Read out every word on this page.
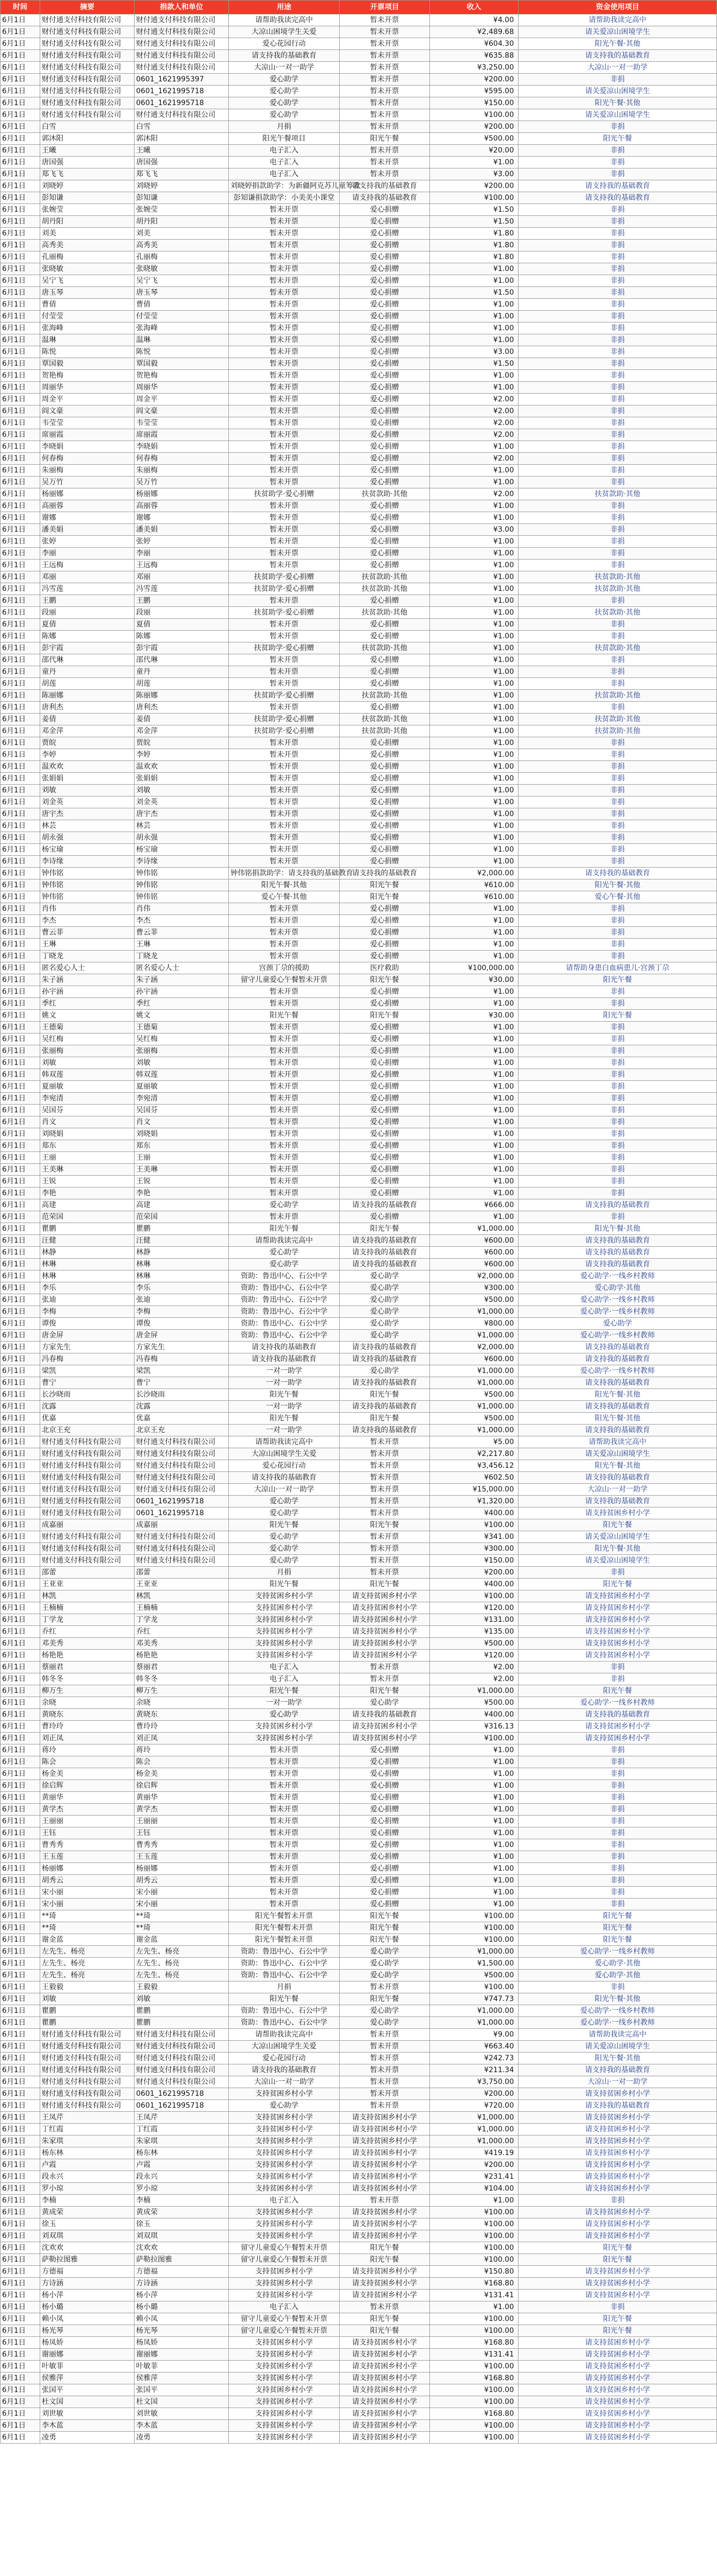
时间	摘要	捐款人和单位	用途	开票项目	收入	资金使用项目
6月1日	财付通支付科技有限公司	财付通支付科技有限公司	请帮助我读完高中	暂未开票	¥4.00	请帮助我读完高中
6月1日	财付通支付科技有限公司	财付通支付科技有限公司	大凉山困境学生关爱	暂未开票	¥2,489.68	请关爱凉山困境学生
6月1日	财付通支付科技有限公司	财付通支付科技有限公司	爱心花园行动	暂未开票	¥604.30	阳光午餐·其他
6月1日	财付通支付科技有限公司	财付通支付科技有限公司	请支持我的基础教育	暂未开票	¥635.88	请支持我的基础教育
6月1日	财付通支付科技有限公司	财付通支付科技有限公司	大凉山·一对一助学	暂未开票	¥3,250.00	大凉山·一对一助学
6月1日	财付通支付科技有限公司	0601_1621995397	爱心助学	暂未开票	¥200.00	非捐
6月1日	财付通支付科技有限公司	0601_1621995718	爱心助学	暂未开票	¥595.00	请关爱凉山困境学生
6月1日	财付通支付科技有限公司	0601_1621995718	爱心助学	暂未开票	¥150.00	阳光午餐·其他
6月1日	财付通支付科技有限公司	财付通支付科技有限公司	爱心助学	暂未开票	¥100.00	请关爱凉山困境学生
6月1日	白雪	白雪	月捐	暂未开票	¥200.00	非捐
6月1日	郭沐阳	郭沐阳	阳光午餐项目	阳光午餐	¥500.00	阳光午餐
6月1日	王曦	王曦	电子汇入	暂未开票	¥20.00	非捐
6月1日	唐国强	唐国强	电子汇入	暂未开票	¥1.00	非捐
6月1日	郑飞飞	郑飞飞	电子汇入	暂未开票	¥3.00	非捐
6月1日	刘晓婷	刘晓婷	刘晓婷捐款助学：为新疆阿克苏儿童筹款	请支持我的基础教育	¥200.00	请支持我的基础教育
6月1日	彭知谦	彭知谦	彭知谦捐款助学：小美美小课堂	请支持我的基础教育	¥100.00	请支持我的基础教育
6月1日	张婉莹	张婉莹	暂未开票	爱心捐赠	¥1.50	非捐
6月1日	胡丹阳	胡丹阳	暂未开票	爱心捐赠	¥1.50	非捐
6月1日	刘美	刘美	暂未开票	爱心捐赠	¥1.80	非捐
6月1日	高秀美	高秀美	暂未开票	爱心捐赠	¥1.80	非捐
6月1日	孔丽梅	孔丽梅	暂未开票	爱心捐赠	¥1.80	非捐
6月1日	张晓敏	张晓敏	暂未开票	爱心捐赠	¥1.00	非捐
6月1日	吴宁飞	吴宁飞	暂未开票	爱心捐赠	¥1.00	非捐
6月1日	唐玉琴	唐玉琴	暂未开票	爱心捐赠	¥1.50	非捐
6月1日	曹倩	曹倩	暂未开票	爱心捐赠	¥1.00	非捐
6月1日	付莹莹	付莹莹	暂未开票	爱心捐赠	¥1.00	非捐
6月1日	张海峰	张海峰	暂未开票	爱心捐赠	¥1.00	非捐
6月1日	温琳	温琳	暂未开票	爱心捐赠	¥1.00	非捐
6月1日	陈悦	陈悦	暂未开票	爱心捐赠	¥3.00	非捐
6月1日	覃国毅	覃国毅	暂未开票	爱心捐赠	¥1.50	非捐
6月1日	贺艳梅	贺艳梅	暂未开票	爱心捐赠	¥1.00	非捐
6月1日	周丽华	周丽华	暂未开票	爱心捐赠	¥1.00	非捐
6月1日	周金平	周金平	暂未开票	爱心捐赠	¥2.00	非捐
6月1日	阎文豪	阎文豪	暂未开票	爱心捐赠	¥2.00	非捐
6月1日	韦莹莹	韦莹莹	暂未开票	爱心捐赠	¥2.00	非捐
6月1日	席丽霞	席丽霞	暂未开票	爱心捐赠	¥2.00	非捐
6月1日	李晓娟	李晓娟	暂未开票	爱心捐赠	¥1.00	非捐
6月1日	何春梅	何春梅	暂未开票	爱心捐赠	¥2.00	非捐
6月1日	朱丽梅	朱丽梅	暂未开票	爱心捐赠	¥1.00	非捐
6月1日	吴万竹	吴万竹	暂未开票	爱心捐赠	¥1.00	非捐
6月1日	杨丽娜	杨丽娜	扶贫助学·爱心捐赠	扶贫款助·其他	¥2.00	扶贫款助·其他
6月1日	高丽蓉	高丽蓉	暂未开票	爱心捐赠	¥1.00	非捐
6月1日	谢娜	谢娜	暂未开票	爱心捐赠	¥1.00	非捐
6月1日	潘美娟	潘美娟	暂未开票	爱心捐赠	¥3.00	非捐
6月1日	张婷	张婷	暂未开票	爱心捐赠	¥1.00	非捐
6月1日	李丽	李丽	暂未开票	爱心捐赠	¥1.00	非捐
6月1日	王远梅	王远梅	暂未开票	爱心捐赠	¥1.00	非捐
6月1日	邓丽	邓丽	扶贫助学·爱心捐赠	扶贫款助·其他	¥1.00	扶贫款助·其他
6月1日	冯雪莲	冯雪莲	扶贫助学·爱心捐赠	扶贫款助·其他	¥1.00	扶贫款助·其他
6月1日	王鹏	王鹏	暂未开票	爱心捐赠	¥1.00	非捐
6月1日	段丽	段丽	扶贫助学·爱心捐赠	扶贫款助·其他	¥1.00	扶贫款助·其他
6月1日	夏倩	夏倩	暂未开票	爱心捐赠	¥1.00	非捐
6月1日	陈娜	陈娜	暂未开票	爱心捐赠	¥1.00	非捐
6月1日	彭宇霞	彭宇霞	扶贫助学·爱心捐赠	扶贫款助·其他	¥1.00	扶贫款助·其他
6月1日	邵代琳	邵代琳	暂未开票	爱心捐赠	¥1.00	非捐
6月1日	童丹	童丹	暂未开票	爱心捐赠	¥1.00	非捐
6月1日	胡莲	胡莲	暂未开票	爱心捐赠	¥1.00	非捐
6月1日	陈丽娜	陈丽娜	扶贫助学·爱心捐赠	扶贫款助·其他	¥1.00	扶贫款助·其他
6月1日	唐利杰	唐利杰	暂未开票	爱心捐赠	¥1.00	非捐
6月1日	姜倩	姜倩	扶贫助学·爱心捐赠	扶贫款助·其他	¥1.00	扶贫款助·其他
6月1日	邓金萍	邓金萍	扶贫助学·爱心捐赠	扶贫款助·其他	¥1.00	扶贫款助·其他
6月1日	贾皖	贾皖	暂未开票	爱心捐赠	¥1.00	非捐
6月1日	李婷	李婷	暂未开票	爱心捐赠	¥1.00	非捐
6月1日	温欢欢	温欢欢	暂未开票	爱心捐赠	¥1.00	非捐
6月1日	张娟娟	张娟娟	暂未开票	爱心捐赠	¥1.00	非捐
6月1日	刘敏	刘敏	暂未开票	爱心捐赠	¥1.00	非捐
6月1日	刘金英	刘金英	暂未开票	爱心捐赠	¥1.00	非捐
6月1日	唐宇杰	唐宇杰	暂未开票	爱心捐赠	¥1.00	非捐
6月1日	林芸	林芸	暂未开票	爱心捐赠	¥1.00	非捐
6月1日	胡永强	胡永强	暂未开票	爱心捐赠	¥1.00	非捐
6月1日	杨宝瑜	杨宝瑜	暂未开票	爱心捐赠	¥1.00	非捐
6月1日	李诗缘	李诗缘	暂未开票	爱心捐赠	¥1.00	非捐
6月1日	钟伟铭	钟伟铭	钟伟铭捐款助学：请支持我的基础教育	请支持我的基础教育	¥2,000.00	请支持我的基础教育
6月1日	钟伟铭	钟伟铭	阳光午餐·其他	阳光午餐	¥610.00	阳光午餐·其他
6月1日	钟伟铭	钟伟铭	爱心午餐·其他	阳光午餐	¥610.00	爱心午餐·其他
6月1日	肖伟	肖伟	暂未开票	爱心捐赠	¥1.00	非捐
6月1日	李杰	李杰	暂未开票	爱心捐赠	¥1.00	非捐
6月1日	曹云菲	曹云菲	暂未开票	爱心捐赠	¥1.00	非捐
6月1日	王琳	王琳	暂未开票	爱心捐赠	¥1.00	非捐
6月1日	丁晓龙	丁晓龙	暂未开票	爱心捐赠	¥1.00	非捐
6月1日	匿名爱心人士	匿名爱心人士	宫颈丁尕的援助	医疗救助	¥100,000.00	请帮助身患白血病患儿·宫颈丁尕
6月1日	朱子涵	朱子涵	留守儿童爱心午餐暂未开票	阳光午餐	¥30.00	阳光午餐
6月1日	孙宇涵	孙宇涵	暂未开票	爱心捐赠	¥1.00	非捐
6月1日	季红	季红	暂未开票	爱心捐赠	¥1.00	非捐
6月1日	姚文	姚文	阳光午餐	阳光午餐	¥30.00	阳光午餐
6月1日	王德菊	王德菊	暂未开票	爱心捐赠	¥1.00	非捐
6月1日	吴红梅	吴红梅	暂未开票	爱心捐赠	¥1.00	非捐
6月1日	张丽梅	张丽梅	暂未开票	爱心捐赠	¥1.00	非捐
6月1日	刘敏	刘敏	暂未开票	爱心捐赠	¥1.00	非捐
6月1日	韩双莲	韩双莲	暂未开票	爱心捐赠	¥1.00	非捐
6月1日	夏丽敏	夏丽敏	暂未开票	爱心捐赠	¥1.00	非捐
6月1日	李宛清	李宛清	暂未开票	爱心捐赠	¥1.00	非捐
6月1日	吴国芬	吴国芬	暂未开票	爱心捐赠	¥1.00	非捐
6月1日	肖文	肖文	暂未开票	爱心捐赠	¥1.00	非捐
6月1日	刘晓娟	刘晓娟	暂未开票	爱心捐赠	¥1.00	非捐
6月1日	郑东	郑东	暂未开票	爱心捐赠	¥1.00	非捐
6月1日	王丽	王丽	暂未开票	爱心捐赠	¥1.00	非捐
6月1日	王美琳	王美琳	暂未开票	爱心捐赠	¥1.00	非捐
6月1日	王锐	王锐	暂未开票	爱心捐赠	¥1.00	非捐
6月1日	李艳	李艳	暂未开票	爱心捐赠	¥1.00	非捐
6月1日	高建	高建	爱心助学	请支持我的基础教育	¥666.00	请支持我的基础教育
6月1日	范荣国	范荣国	暂未开票	爱心捐赠	¥1.00	非捐
6月1日	瞿鹏	瞿鹏	阳光午餐	阳光午餐	¥1,000.00	阳光午餐·其他
6月1日	汪健	汪健	请帮助我读完高中	请支持我的基础教育	¥600.00	请支持我的基础教育
6月1日	林静	林静	爱心助学	请支持我的基础教育	¥600.00	请支持我的基础教育
6月1日	林琳	林琳	爱心助学	请支持我的基础教育	¥600.00	请支持我的基础教育
6月1日	林琳	林琳	资助：鲁迅中心、石公中学	爱心助学	¥2,000.00	爱心助学·一线乡村教师
6月1日	李乐	李乐	资助：鲁迅中心、石公中学	爱心助学	¥300.00	爱心助学·其他
6月1日	张迪	张迪	资助：鲁迅中心、石公中学	爱心助学	¥500.00	爱心助学·一线乡村教师
6月1日	李梅	李梅	资助：鲁迅中心、石公中学	爱心助学	¥1,000.00	爱心助学·一线乡村教师
6月1日	谭俊	谭俊	资助：鲁迅中心、石公中学	爱心助学	¥800.00	爱心助学
6月1日	唐金屏	唐金屏	资助：鲁迅中心、石公中学	爱心助学	¥1,000.00	爱心助学·一线乡村教师
6月1日	方家先生	方家先生	请支持我的基础教育	请支持我的基础教育	¥2,000.00	请支持我的基础教育
6月1日	冯春梅	冯春梅	请支持我的基础教育	请支持我的基础教育	¥600.00	请支持我的基础教育
6月1日	梁凯	梁凯	一对一助学	爱心助学	¥1,000.00	爱心助学·一线乡村教师
6月1日	曹宁	曹宁	一对一助学	请支持我的基础教育	¥1,000.00	请支持我的基础教育
6月1日	长沙晓雨	长沙晓雨	阳光午餐	阳光午餐	¥500.00	阳光午餐·其他
6月1日	沈露	沈露	一对一助学	请支持我的基础教育	¥1,000.00	请支持我的基础教育
6月1日	优嘉	优嘉	阳光午餐	阳光午餐	¥500.00	阳光午餐·其他
6月1日	北京王充	北京王充	一对一助学	请支持我的基础教育	¥1,000.00	请支持我的基础教育
6月1日	财付通支付科技有限公司	财付通支付科技有限公司	请帮助我读完高中	暂未开票	¥5.00	请帮助我读完高中
6月1日	财付通支付科技有限公司	财付通支付科技有限公司	大凉山困境学生关爱	暂未开票	¥2,217.80	请关爱凉山困境学生
6月1日	财付通支付科技有限公司	财付通支付科技有限公司	爱心花园行动	暂未开票	¥3,456.12	阳光午餐·其他
6月1日	财付通支付科技有限公司	财付通支付科技有限公司	请支持我的基础教育	暂未开票	¥602.50	请支持我的基础教育
6月1日	财付通支付科技有限公司	财付通支付科技有限公司	大凉山·一对一助学	暂未开票	¥15,000.00	大凉山·一对一助学
6月1日	财付通支付科技有限公司	0601_1621995718	爱心助学	暂未开票	¥1,320.00	请支持我的基础教育
6月1日	财付通支付科技有限公司	0601_1621995718	爱心助学	暂未开票	¥400.00	请支持贫困乡村小学
6月1日	成嘉丽	成嘉丽	阳光午餐	阳光午餐	¥100.00	阳光午餐
6月1日	财付通支付科技有限公司	财付通支付科技有限公司	爱心助学	暂未开票	¥341.00	请关爱凉山困境学生
6月1日	财付通支付科技有限公司	财付通支付科技有限公司	爱心助学	暂未开票	¥300.00	阳光午餐·其他
6月1日	财付通支付科技有限公司	财付通支付科技有限公司	爱心助学	暂未开票	¥150.00	请关爱凉山困境学生
6月1日	邵蕾	邵蕾	月捐	暂未开票	¥200.00	非捐
6月1日	王亚亚	王亚亚	阳光午餐	阳光午餐	¥400.00	阳光午餐
6月1日	林凯	林凯	支持贫困乡村小学	请支持贫困乡村小学	¥100.00	请支持贫困乡村小学
6月1日	王楠楠	王楠楠	支持贫困乡村小学	请支持贫困乡村小学	¥120.00	请支持贫困乡村小学
6月1日	丁学龙	丁学龙	支持贫困乡村小学	请支持贫困乡村小学	¥131.00	请支持贫困乡村小学
6月1日	乔红	乔红	支持贫困乡村小学	请支持贫困乡村小学	¥135.00	请支持贫困乡村小学
6月1日	邓美秀	邓美秀	支持贫困乡村小学	请支持贫困乡村小学	¥500.00	请支持贫困乡村小学
6月1日	杨艳艳	杨艳艳	支持贫困乡村小学	请支持贫困乡村小学	¥120.00	请支持贫困乡村小学
6月1日	蔡丽君	蔡丽君	电子汇入	暂未开票	¥2.00	非捐
6月1日	韩冬冬	韩冬冬	电子汇入	暂未开票	¥2.00	非捐
6月1日	柳万生	柳万生	阳光午餐	阳光午餐	¥1,000.00	阳光午餐
6月1日	余晓	余晓	一对一助学	爱心助学	¥500.00	爱心助学·一线乡村教师
6月1日	黄晓东	黄晓东	爱心助学	请支持我的基础教育	¥400.00	请支持我的基础教育
6月1日	曹玲玲	曹玲玲	支持贫困乡村小学	请支持贫困乡村小学	¥316.13	请支持贫困乡村小学
6月1日	刘正凤	刘正凤	支持贫困乡村小学	请支持贫困乡村小学	¥100.00	请支持贫困乡村小学
6月1日	蒋玲	蒋玲	暂未开票	爱心捐赠	¥1.00	非捐
6月1日	陈会	陈会	暂未开票	爱心捐赠	¥1.00	非捐
6月1日	杨金美	杨金美	暂未开票	爱心捐赠	¥1.00	非捐
6月1日	徐启辉	徐启辉	暂未开票	爱心捐赠	¥1.00	非捐
6月1日	黄丽华	黄丽华	暂未开票	爱心捐赠	¥1.00	非捐
6月1日	黄学杰	黄学杰	暂未开票	爱心捐赠	¥1.00	非捐
6月1日	王丽丽	王丽丽	暂未开票	爱心捐赠	¥1.00	非捐
6月1日	王钰	王钰	暂未开票	爱心捐赠	¥1.00	非捐
6月1日	曹秀秀	曹秀秀	暂未开票	爱心捐赠	¥1.00	非捐
6月1日	王玉莲	王玉莲	暂未开票	爱心捐赠	¥1.00	非捐
6月1日	杨丽娜	杨丽娜	暂未开票	爱心捐赠	¥1.00	非捐
6月1日	胡秀云	胡秀云	暂未开票	爱心捐赠	¥1.00	非捐
6月1日	宋小丽	宋小丽	暂未开票	爱心捐赠	¥1.00	非捐
6月1日	宋小丽	宋小丽	暂未开票	爱心捐赠	¥1.00	非捐
6月1日	**琦	**琦	阳光午餐暂未开票	阳光午餐	¥100.00	阳光午餐
6月1日	**琦	**琦	阳光午餐暂未开票	阳光午餐	¥100.00	阳光午餐
6月1日	谢金蓝	谢金蓝	阳光午餐暂未开票	阳光午餐	¥100.00	阳光午餐
6月1日	左先生、杨亮	左先生、杨亮	资助：鲁迅中心、石公中学	爱心助学	¥1,000.00	爱心助学·一线乡村教师
6月1日	左先生、杨亮	左先生、杨亮	资助：鲁迅中心、石公中学	爱心助学	¥1,500.00	爱心助学·其他
6月1日	左先生、杨亮	左先生、杨亮	资助：鲁迅中心、石公中学	爱心助学	¥500.00	爱心助学·其他
6月1日	王毅毅	王毅毅	月捐	暂未开票	¥100.00	非捐
6月1日	刘敏	刘敏	阳光午餐	阳光午餐	¥747.73	阳光午餐·其他
6月1日	瞿鹏	瞿鹏	资助：鲁迅中心、石公中学	爱心助学	¥1,000.00	爱心助学·一线乡村教师
6月1日	瞿鹏	瞿鹏	资助：鲁迅中心、石公中学	爱心助学	¥1,000.00	爱心助学·一线乡村教师
6月1日	财付通支付科技有限公司	财付通支付科技有限公司	请帮助我读完高中	暂未开票	¥9.00	请帮助我读完高中
6月1日	财付通支付科技有限公司	财付通支付科技有限公司	大凉山困境学生关爱	暂未开票	¥663.40	请关爱凉山困境学生
6月1日	财付通支付科技有限公司	财付通支付科技有限公司	爱心花园行动	暂未开票	¥242.73	阳光午餐·其他
6月1日	财付通支付科技有限公司	财付通支付科技有限公司	请支持我的基础教育	暂未开票	¥211.34	请支持我的基础教育
6月1日	财付通支付科技有限公司	财付通支付科技有限公司	大凉山·一对一助学	暂未开票	¥3,750.00	大凉山·一对一助学
6月1日	财付通支付科技有限公司	0601_1621995718	支持贫困乡村小学	暂未开票	¥200.00	请支持贫困乡村小学
6月1日	财付通支付科技有限公司	0601_1621995718	爱心助学	暂未开票	¥720.00	请支持我的基础教育
6月1日	王凤芹	王凤芹	支持贫困乡村小学	请支持贫困乡村小学	¥1,000.00	请支持贫困乡村小学
6月1日	丁红霞	丁红霞	支持贫困乡村小学	请支持贫困乡村小学	¥1,000.00	请支持贫困乡村小学
6月1日	朱家琪	朱家琪	支持贫困乡村小学	请支持贫困乡村小学	¥1,000.00	请支持贫困乡村小学
6月1日	杨东林	杨东林	支持贫困乡村小学	请支持贫困乡村小学	¥419.19	请支持贫困乡村小学
6月1日	卢霞	卢霞	支持贫困乡村小学	请支持贫困乡村小学	¥200.00	请支持贫困乡村小学
6月1日	段永兴	段永兴	支持贫困乡村小学	请支持贫困乡村小学	¥231.41	请支持贫困乡村小学
6月1日	罗小琼	罗小琼	支持贫困乡村小学	请支持贫困乡村小学	¥104.00	请支持贫困乡村小学
6月1日	李楠	李楠	电子汇入	暂未开票	¥1.00	非捐
6月1日	黄成荣	黄成荣	支持贫困乡村小学	请支持贫困乡村小学	¥100.00	请支持贫困乡村小学
6月1日	徐玉	徐玉	支持贫困乡村小学	请支持贫困乡村小学	¥100.00	请支持贫困乡村小学
6月1日	刘双琪	刘双琪	支持贫困乡村小学	请支持贫困乡村小学	¥100.00	请支持贫困乡村小学
6月1日	沈欢欢	沈欢欢	留守儿童爱心午餐暂未开票	阳光午餐	¥100.00	阳光午餐
6月1日	萨勒拉图雅	萨勒拉图雅	留守儿童爱心午餐暂未开票	阳光午餐	¥100.00	阳光午餐
6月1日	方德福	方德福	支持贫困乡村小学	请支持贫困乡村小学	¥150.80	请支持贫困乡村小学
6月1日	方诗涵	方诗涵	支持贫困乡村小学	请支持贫困乡村小学	¥168.80	请支持贫困乡村小学
6月1日	杨小萍	杨小萍	支持贫困乡村小学	请支持贫困乡村小学	¥131.41	请支持贫困乡村小学
6月1日	杨小璐	杨小璐	电子汇入	暂未开票	¥1.00	非捐
6月1日	赖小凤	赖小凤	留守儿童爱心午餐暂未开票	阳光午餐	¥100.00	阳光午餐
6月1日	杨光琴	杨光琴	留守儿童爱心午餐暂未开票	阳光午餐	¥100.00	阳光午餐
6月1日	杨凤娇	杨凤娇	支持贫困乡村小学	请支持贫困乡村小学	¥168.80	请支持贫困乡村小学
6月1日	谢丽娜	谢丽娜	支持贫困乡村小学	请支持贫困乡村小学	¥131.41	请支持贫困乡村小学
6月1日	叶敏菲	叶敏菲	支持贫困乡村小学	请支持贫困乡村小学	¥100.00	请支持贫困乡村小学
6月1日	侯雅萍	侯雅萍	支持贫困乡村小学	请支持贫困乡村小学	¥168.80	请支持贫困乡村小学
6月1日	张国平	张国平	支持贫困乡村小学	请支持贫困乡村小学	¥100.00	请支持贫困乡村小学
6月1日	杜文国	杜文国	支持贫困乡村小学	请支持贫困乡村小学	¥100.00	请支持贫困乡村小学
6月1日	刘世敏	刘世敏	支持贫困乡村小学	请支持贫困乡村小学	¥168.80	请支持贫困乡村小学
6月1日	李木蓝	李木蓝	支持贫困乡村小学	请支持贫困乡村小学	¥100.00	请支持贫困乡村小学
6月1日	凌勇	凌勇	支持贫困乡村小学	请支持贫困乡村小学	¥100.00	请支持贫困乡村小学
